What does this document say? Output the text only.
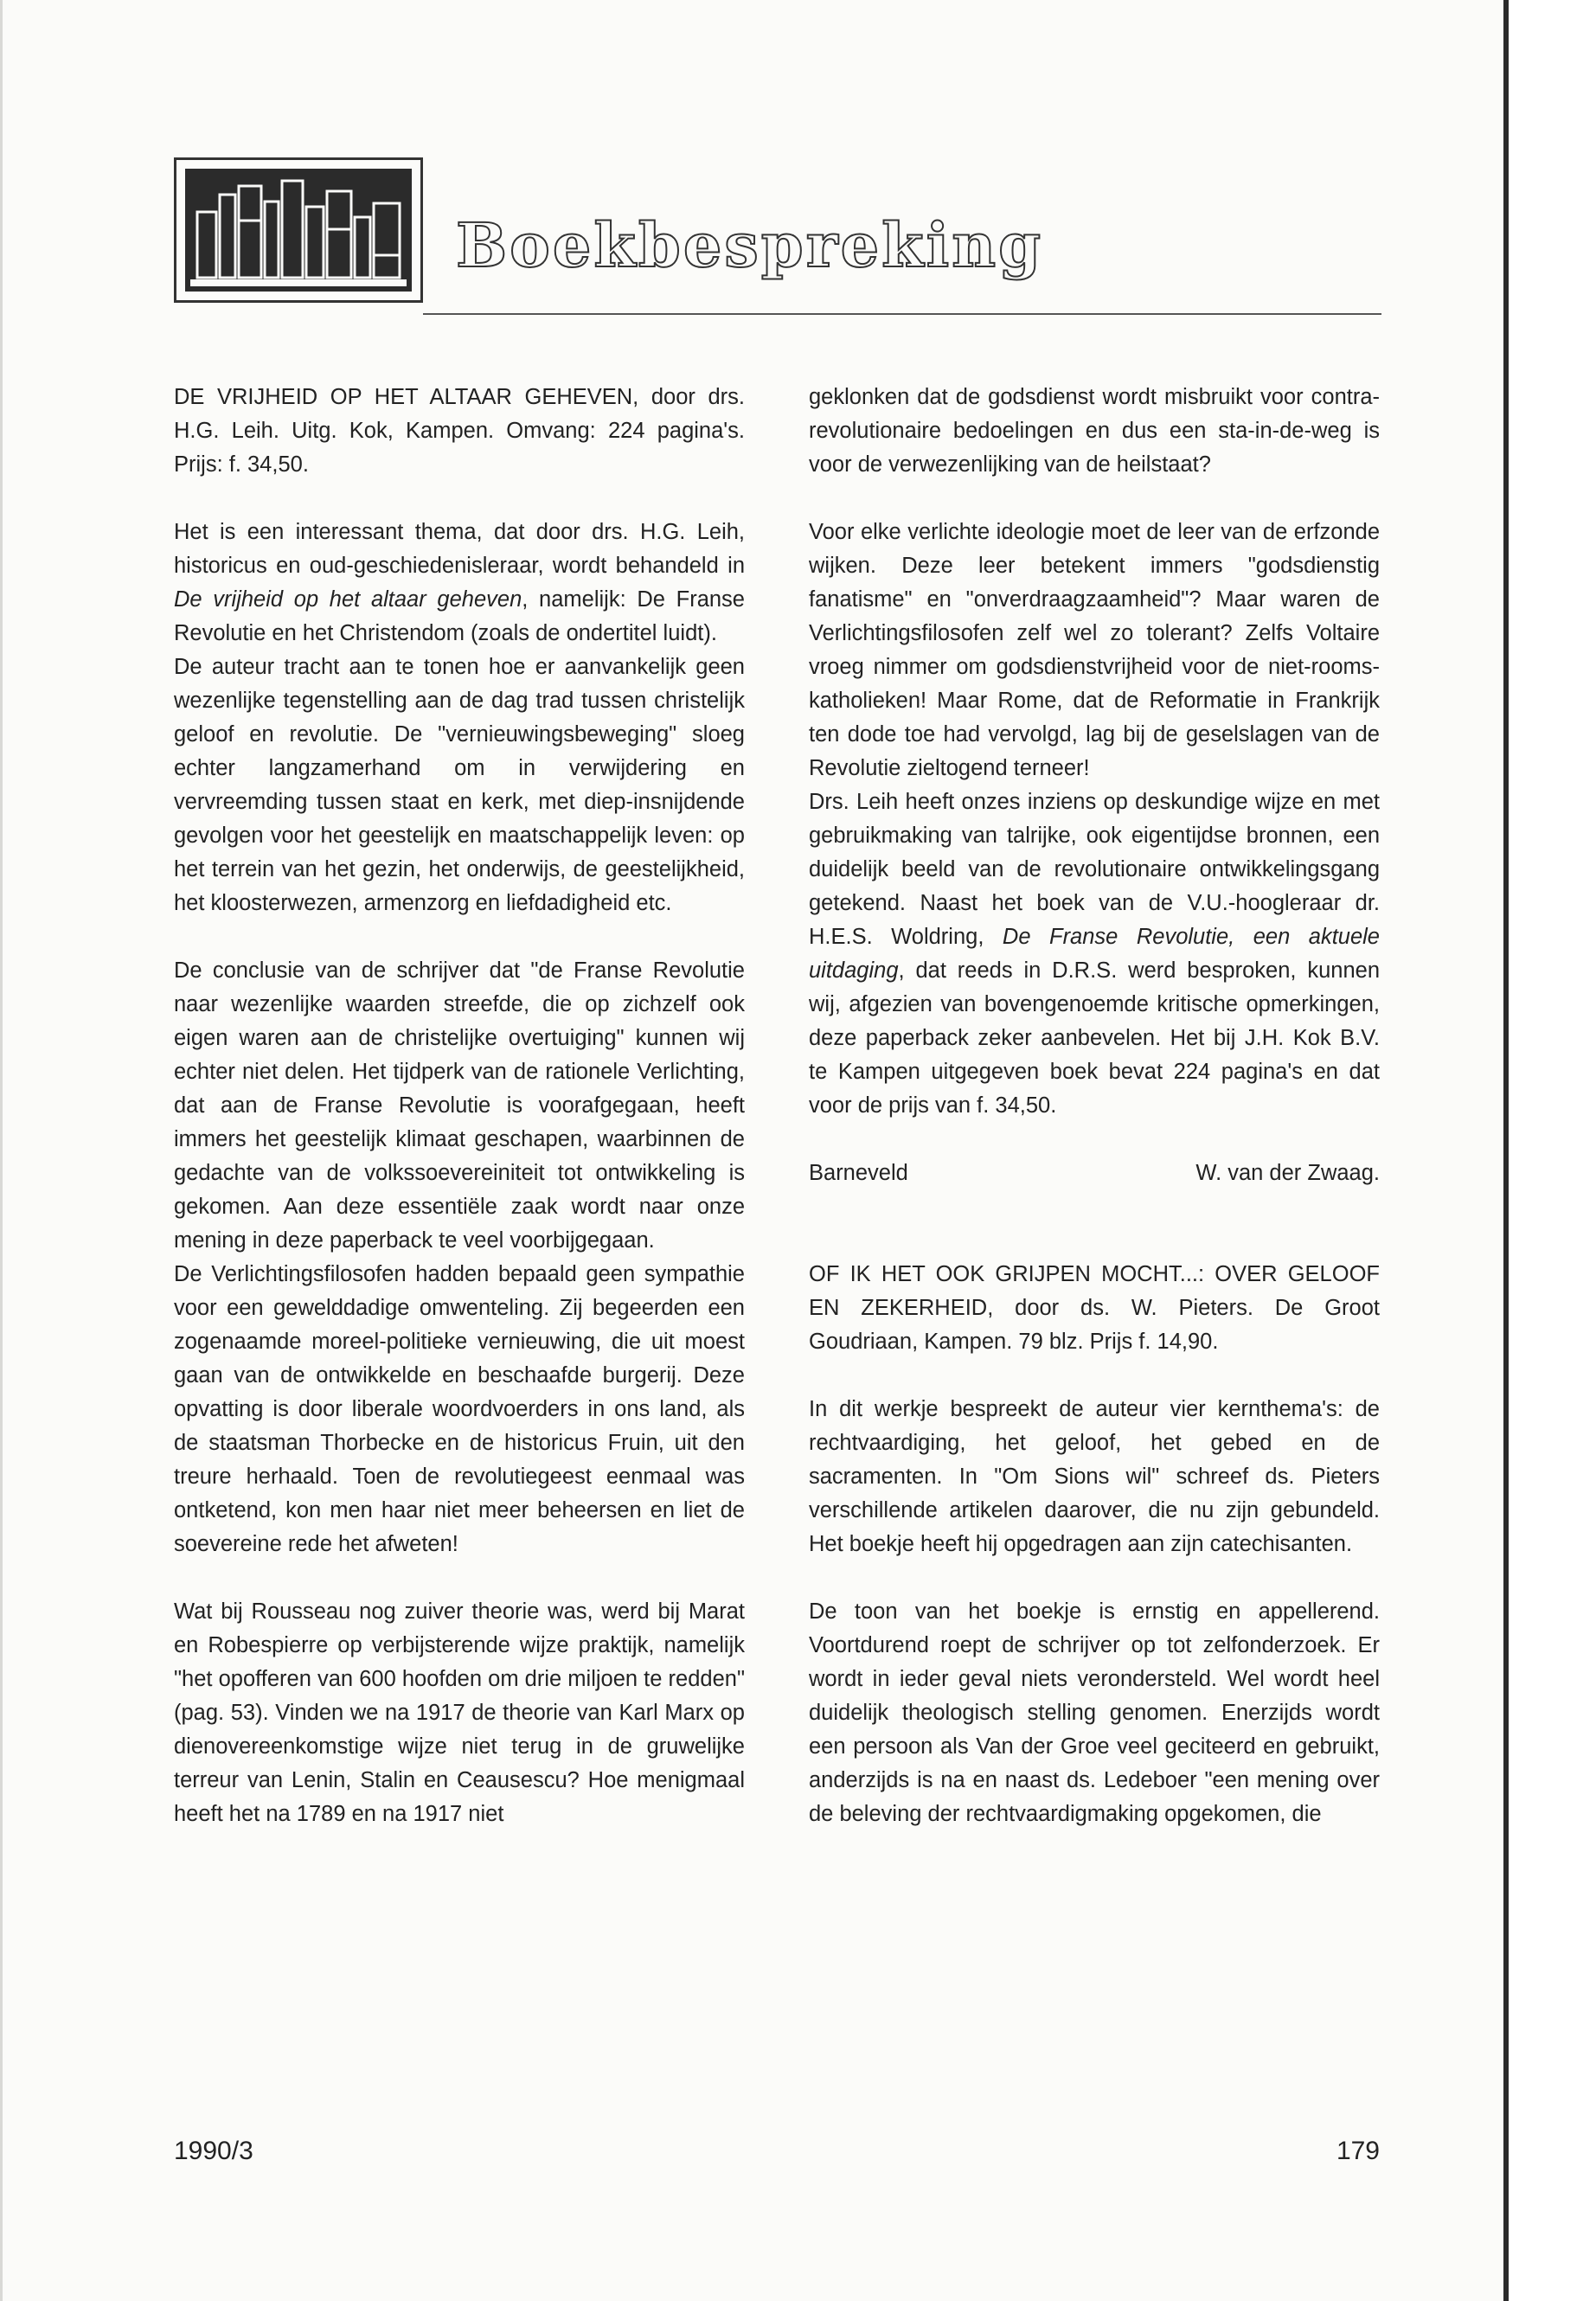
Boekbespreking

DE VRIJHEID OP HET ALTAAR GEHEVEN, door drs. H.G. Leih. Uitg. Kok, Kampen. Omvang: 224 pagina's. Prijs: f. 34,50.

Het is een interessant thema, dat door drs. H.G. Leih, historicus en oud-geschiedenisleraar, wordt behandeld in De vrijheid op het altaar geheven, namelijk: De Franse Revolutie en het Christendom (zoals de ondertitel luidt).

De auteur tracht aan te tonen hoe er aanvankelijk geen wezenlijke tegenstelling aan de dag trad tussen christelijk geloof en revolutie. De "vernieuwingsbeweging" sloeg echter langzamerhand om in verwijdering en vervreemding tussen staat en kerk, met diep-insnijdende gevolgen voor het geestelijk en maatschappelijk leven: op het terrein van het gezin, het onderwijs, de geestelijkheid, het kloosterwezen, armenzorg en liefdadigheid etc.

De conclusie van de schrijver dat "de Franse Revolutie naar wezenlijke waarden streefde, die op zichzelf ook eigen waren aan de christelijke overtuiging" kunnen wij echter niet delen. Het tijdperk van de rationele Verlichting, dat aan de Franse Revolutie is voorafgegaan, heeft immers het geestelijk klimaat geschapen, waarbinnen de gedachte van de volkssoevereiniteit tot ontwikkeling is gekomen. Aan deze essentiële zaak wordt naar onze mening in deze paperback te veel voorbijgegaan.

De Verlichtingsfilosofen hadden bepaald geen sympathie voor een gewelddadige omwenteling. Zij begeerden een zogenaamde moreel-politieke vernieuwing, die uit moest gaan van de ontwikkelde en beschaafde burgerij. Deze opvatting is door liberale woordvoerders in ons land, als de staatsman Thorbecke en de historicus Fruin, uit den treure herhaald. Toen de revolutiegeest eenmaal was ontketend, kon men haar niet meer beheersen en liet de soevereine rede het afweten!

Wat bij Rousseau nog zuiver theorie was, werd bij Marat en Robespierre op verbijsterende wijze praktijk, namelijk "het opofferen van 600 hoofden om drie miljoen te redden" (pag. 53). Vinden we na 1917 de theorie van Karl Marx op dienovereenkomstige wijze niet terug in de gruwelijke terreur van Lenin, Stalin en Ceausescu? Hoe menigmaal heeft het na 1789 en na 1917 niet

geklonken dat de godsdienst wordt misbruikt voor contra-revolutionaire bedoelingen en dus een sta-in-de-weg is voor de verwezenlijking van de heilstaat?

Voor elke verlichte ideologie moet de leer van de erfzonde wijken. Deze leer betekent immers "godsdienstig fanatisme" en "onverdraagzaamheid"? Maar waren de Verlichtingsfilosofen zelf wel zo tolerant? Zelfs Voltaire vroeg nimmer om godsdienstvrijheid voor de niet-rooms-katholieken! Maar Rome, dat de Reformatie in Frankrijk ten dode toe had vervolgd, lag bij de geselslagen van de Revolutie zieltogend terneer!

Drs. Leih heeft onzes inziens op deskundige wijze en met gebruikmaking van talrijke, ook eigentijdse bronnen, een duidelijk beeld van de revolutionaire ontwikkelingsgang getekend. Naast het boek van de V.U.-hoogleraar dr. H.E.S. Woldring, De Franse Revolutie, een aktuele uitdaging, dat reeds in D.R.S. werd besproken, kunnen wij, afgezien van bovengenoemde kritische opmerkingen, deze paperback zeker aanbevelen. Het bij J.H. Kok B.V. te Kampen uitgegeven boek bevat 224 pagina's en dat voor de prijs van f. 34,50.

Barneveld	W. van der Zwaag.

OF IK HET OOK GRIJPEN MOCHT...: OVER GELOOF EN ZEKERHEID, door ds. W. Pieters. De Groot Goudriaan, Kampen. 79 blz. Prijs f. 14,90.

In dit werkje bespreekt de auteur vier kernthema's: de rechtvaardiging, het geloof, het gebed en de sacramenten. In "Om Sions wil" schreef ds. Pieters verschillende artikelen daarover, die nu zijn gebundeld. Het boekje heeft hij opgedragen aan zijn catechisanten.

De toon van het boekje is ernstig en appellerend. Voortdurend roept de schrijver op tot zelfonderzoek. Er wordt in ieder geval niets verondersteld. Wel wordt heel duidelijk theologisch stelling genomen. Enerzijds wordt een persoon als Van der Groe veel geciteerd en gebruikt, anderzijds is na en naast ds. Ledeboer "een mening over de beleving der rechtvaardigmaking opgekomen, die

1990/3	179
